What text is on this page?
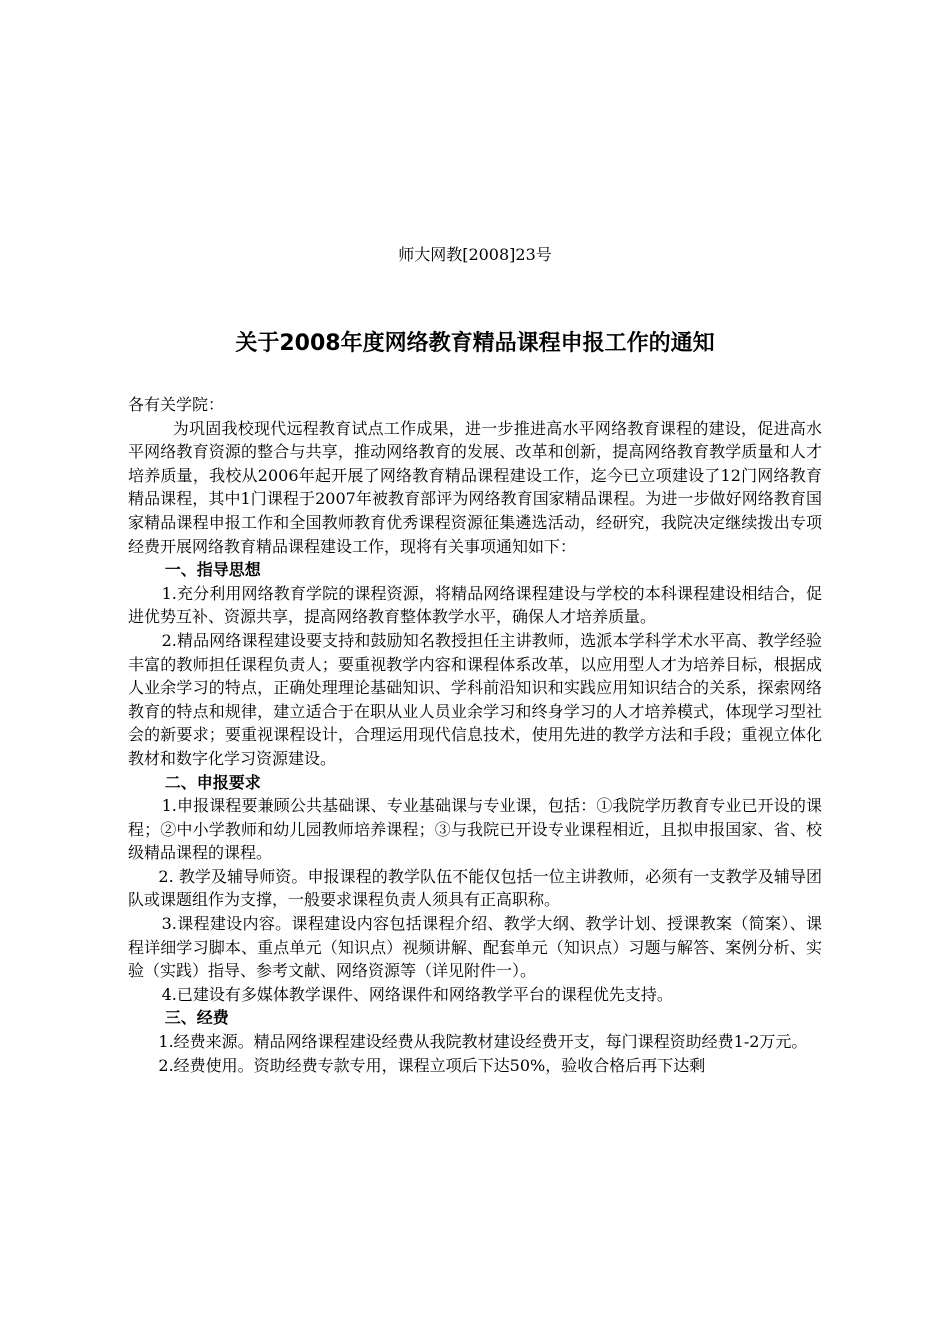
师大网教[2008]23号
关于2008年度网络教育精品课程申报工作的通知

各有关学院：

为巩固我校现代远程教育试点工作成果，进一步推进高水平网络教育课程的建设，促进高水平网络教育资源的整合与共享，推动网络教育的发展、改革和创新，提高网络教育教学质量和人才培养质量，我校从2006年起开展了网络教育精品课程建设工作，迄今已立项建设了12门网络教育精品课程，其中1门课程于2007年被教育部评为网络教育国家精品课程。为进一步做好网络教育国家精品课程申报工作和全国教师教育优秀课程资源征集遴选活动，经研究，我院决定继续拨出专项经费开展网络教育精品课程建设工作，现将有关事项通知如下：

一、指导思想

1.充分利用网络教育学院的课程资源，将精品网络课程建设与学校的本科课程建设相结合，促进优势互补、资源共享，提高网络教育整体教学水平，确保人才培养质量。

2.精品网络课程建设要支持和鼓励知名教授担任主讲教师，选派本学科学术水平高、教学经验丰富的教师担任课程负责人；要重视教学内容和课程体系改革，以应用型人才为培养目标，根据成人业余学习的特点，正确处理理论基础知识、学科前沿知识和实践应用知识结合的关系，探索网络教育的特点和规律，建立适合于在职从业人员业余学习和终身学习的人才培养模式，体现学习型社会的新要求；要重视课程设计，合理运用现代信息技术，使用先进的教学方法和手段；重视立体化教材和数字化学习资源建设。

二、申报要求

1.申报课程要兼顾公共基础课、专业基础课与专业课，包括：①我院学历教育专业已开设的课程；②中小学教师和幼儿园教师培养课程；③与我院已开设专业课程相近，且拟申报国家、省、校级精品课程的课程。

2. 教学及辅导师资。申报课程的教学队伍不能仅包括一位主讲教师，必须有一支教学及辅导团队或课题组作为支撑，一般要求课程负责人须具有正高职称。

3.课程建设内容。课程建设内容包括课程介绍、教学大纲、教学计划、授课教案（简案）、课程详细学习脚本、重点单元（知识点）视频讲解、配套单元（知识点）习题与解答、案例分析、实验（实践）指导、参考文献、网络资源等（详见附件一）。

4.已建设有多媒体教学课件、网络课件和网络教学平台的课程优先支持。

三、经费

1.经费来源。精品网络课程建设经费从我院教材建设经费开支，每门课程资助经费1-2万元。

2.经费使用。资助经费专款专用，课程立项后下达50%，验收合格后再下达剩
